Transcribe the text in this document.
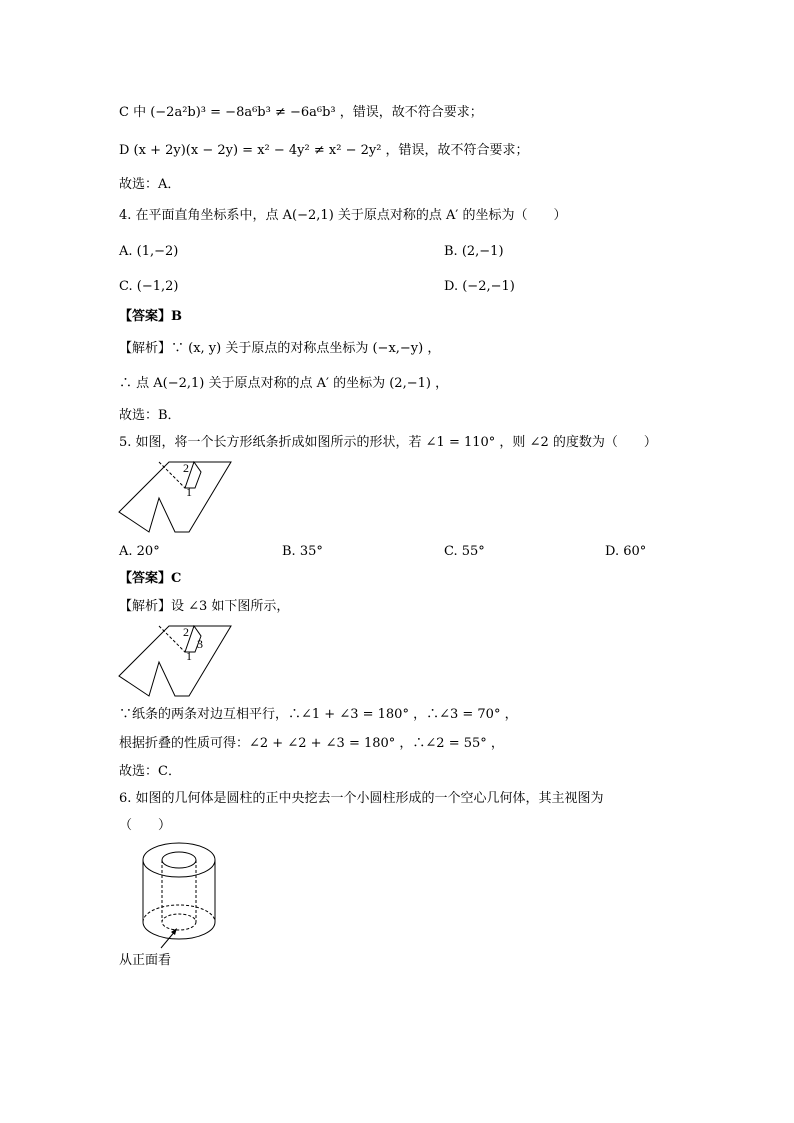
C 中 (−2a²b)³ = −8a⁶b³ ≠ −6a⁶b³ ，错误，故不符合要求；
D (x + 2y)(x − 2y) = x² − 4y² ≠ x² − 2y² ，错误，故不符合要求；
故选：A．
4. 在平面直角坐标系中，点 A(−2,1) 关于原点对称的点 A′ 的坐标为（　　）
A. (1,−2)	B. (2,−1)
C. (−1,2)	D. (−2,−1)
【答案】B
【解析】∵ (x, y) 关于原点的对称点坐标为 (−x,−y) ，
∴ 点 A(−2,1) 关于原点对称的点 A′ 的坐标为 (2,−1) ，
故选：B．
5. 如图，将一个长方形纸条折成如图所示的形状，若 ∠1 = 110° ，则 ∠2 的度数为（　　）
2
1
A. 20°	B. 35°	C. 55°	D. 60°
【答案】C
【解析】设 ∠3 如下图所示，
2
3
1
∵纸条的两条对边互相平行，∴∠1 + ∠3 = 180° ，∴∠3 = 70° ，
根据折叠的性质可得：∠2 + ∠2 + ∠3 = 180° ，∴∠2 = 55° ，
故选：C．
6. 如图的几何体是圆柱的正中央挖去一个小圆柱形成的一个空心几何体，其主视图为
（　　）
从正面看
